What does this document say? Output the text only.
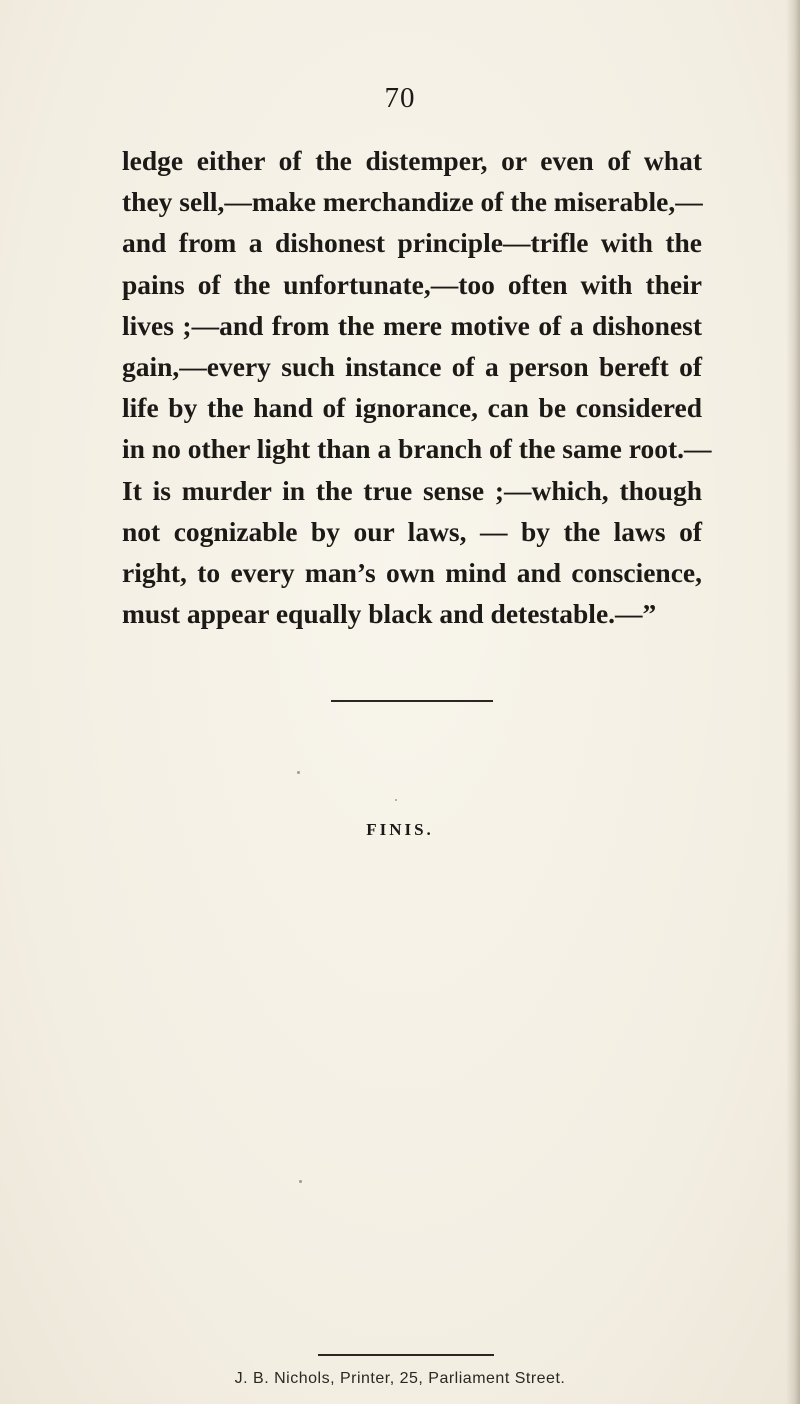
70
ledge either of the distemper, or even of what
they sell,—make merchandize of the miserable,—
and from a dishonest principle—trifle with the
pains of the unfortunate,—too often with their
lives ;—and from the mere motive of a dishonest
gain,—every such instance of a person bereft of
life by the hand of ignorance, can be considered
in no other light than a branch of the same root.—
It is murder in the true sense ;—which, though
not cognizable by our laws, — by the laws of
right, to every man’s own mind and conscience,
must appear equally black and detestable.—”
FINIS.
J. B. Nichols, Printer, 25, Parliament Street.
